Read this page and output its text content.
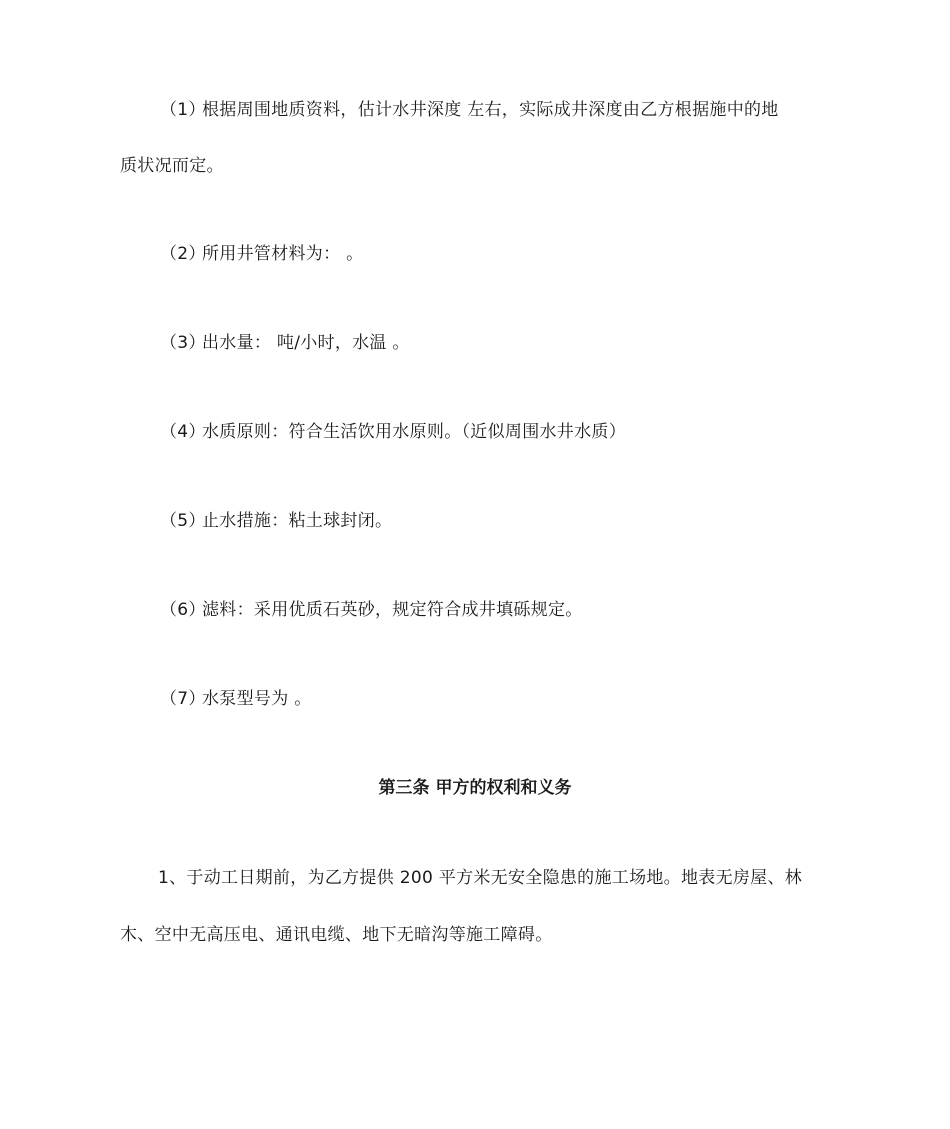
（1）根据周围地质资料，估计水井深度 左右，实际成井深度由乙方根据施中的地
质状况而定。
（2）所用井管材料为： 。
（3）出水量： 吨/小时，水温 。
（4）水质原则：符合生活饮用水原则。（近似周围水井水质）
（5）止水措施：粘土球封闭。
（6）滤料：采用优质石英砂，规定符合成井填砾规定。
（7）水泵型号为 。
第三条 甲方的权利和义务
1、于动工日期前，为乙方提供 200 平方米无安全隐患的施工场地。地表无房屋、林
木、空中无高压电、通讯电缆、地下无暗沟等施工障碍。
